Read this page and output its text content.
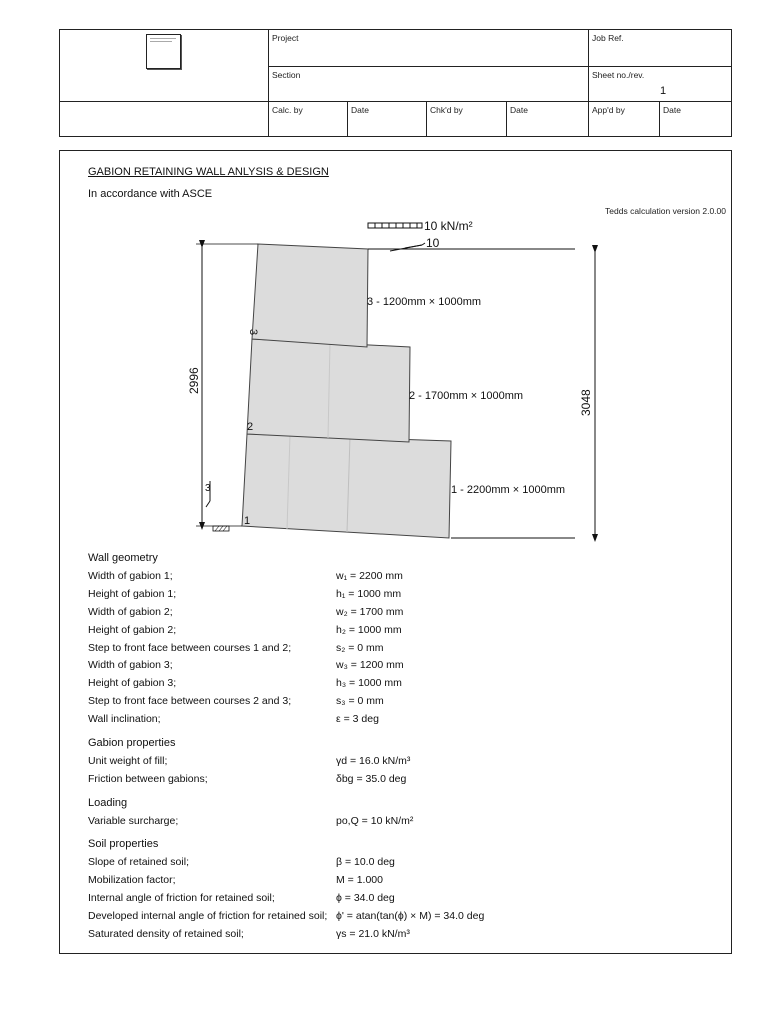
Project	Job Ref.
Section	Sheet no./rev.
1
Calc. by	Date	Chk'd by	Date	App'd by	Date
GABION RETAINING WALL ANLYSIS & DESIGN
In accordance with ASCE
Tedds calculation version 2.0.00
10 kN/m²
10
3 - 1200mm × 1000mm
2 - 1700mm × 1000mm
1 - 2200mm × 1000mm
3
2
1
2996
3048
3
Wall geometry
Width of gabion 1;	w₁ = 2200 mm
Height of gabion 1;	h₁ = 1000 mm
Width of gabion 2;	w₂ = 1700 mm
Height of gabion 2;	h₂ = 1000 mm
Step to front face between courses 1 and 2;	s₂ = 0 mm
Width of gabion 3;	w₃ = 1200 mm
Height of gabion 3;	h₃ = 1000 mm
Step to front face between courses 2 and 3;	s₃ = 0 mm
Wall inclination;	ε = 3 deg
Gabion properties
Unit weight of fill;	γd = 16.0 kN/m³
Friction between gabions;	δbg = 35.0 deg
Loading
Variable surcharge;	po,Q = 10 kN/m²
Soil properties
Slope of retained soil;	β = 10.0 deg
Mobilization factor;	M = 1.000
Internal angle of friction for retained soil;	ϕ = 34.0 deg
Developed internal angle of friction for retained soil; ϕ' = atan(tan(ϕ) × M) = 34.0 deg
Saturated density of retained soil;	γs = 21.0 kN/m³
